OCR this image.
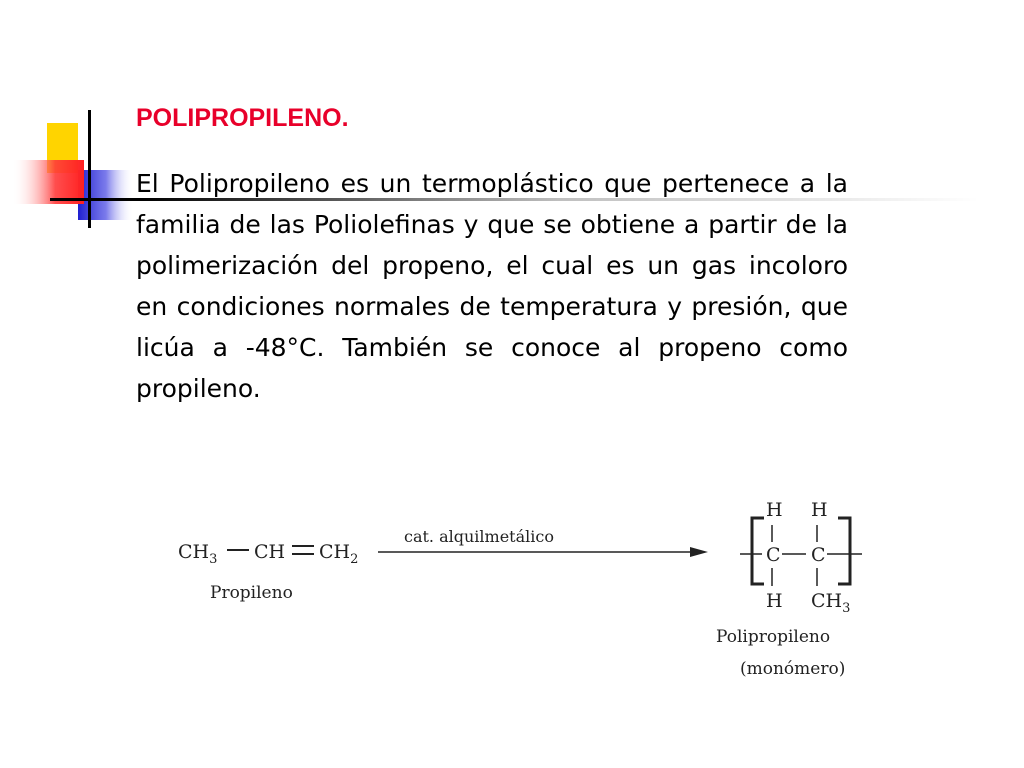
POLIPROPILENO.

El Polipropileno es un termoplástico que pertenece a la familia de las Poliolefinas y que se obtiene a partir de la polimerización del propeno, el cual es un gas incoloro en condiciones normales de temperatura y presión, que licúa a -48°C. También se conoce al propeno como propileno.

$CH_3$ CH $CH_2$
Propileno
cat. alquilmetálico
H H
C C
H $CH_3$
Polipropileno
(monómero)
